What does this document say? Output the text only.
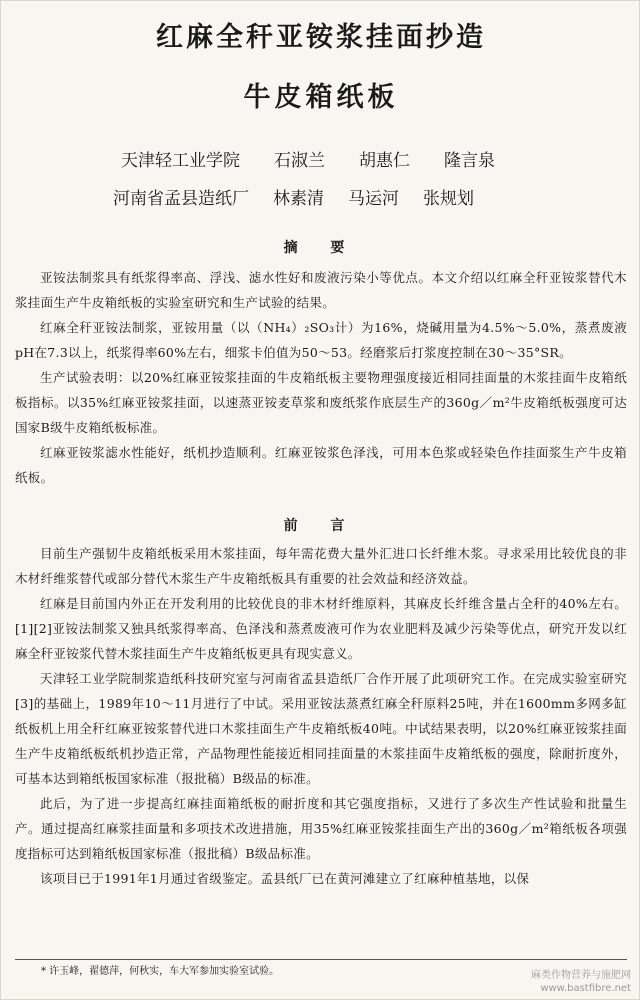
红麻全秆亚铵浆挂面抄造
牛皮箱纸板
天津轻工业学院 石淑兰 胡惠仁 隆言泉
河南省孟县造纸厂 林素清 马运河 张规划
摘 要

亚铵法制浆具有纸浆得率高、浮浅、滤水性好和废液污染小等优点。本文介绍以红麻全秆亚铵浆替代木浆挂面生产牛皮箱纸板的实验室研究和生产试验的结果。

红麻全秆亚铵法制浆，亚铵用量（以（NH₄）₂SO₃计）为16%，烧碱用量为4.5%～5.0%，蒸煮废液pH在7.3以上，纸浆得率60%左右，细浆卡伯值为50～53。经磨浆后打浆度控制在30～35°SR。

生产试验表明：以20%红麻亚铵浆挂面的牛皮箱纸板主要物理强度接近相同挂面量的木浆挂面牛皮箱纸板指标。以35%红麻亚铵浆挂面，以速蒸亚铵麦草浆和废纸浆作底层生产的360g／m²牛皮箱纸板强度可达国家B级牛皮箱纸板标准。

红麻亚铵浆滤水性能好，纸机抄造顺利。红麻亚铵浆色泽浅，可用本色浆或轻染色作挂面浆生产牛皮箱纸板。

前 言

目前生产强韧牛皮箱纸板采用木浆挂面，每年需花费大量外汇进口长纤维木浆。寻求采用比较优良的非木材纤维浆替代或部分替代木浆生产牛皮箱纸板具有重要的社会效益和经济效益。

红麻是目前国内外正在开发利用的比较优良的非木材纤维原料，其麻皮长纤维含量占全秆的40%左右。[1][2]亚铵法制浆又独具纸浆得率高、色泽浅和蒸煮废液可作为农业肥料及减少污染等优点，研究开发以红麻全秆亚铵浆代替木浆挂面生产牛皮箱纸板更具有现实意义。

天津轻工业学院制浆造纸科技研究室与河南省孟县造纸厂合作开展了此项研究工作。在完成实验室研究[3]的基础上，1989年10～11月进行了中试。采用亚铵法蒸煮红麻全秆原料25吨，并在1600mm多网多缸纸板机上用全秆红麻亚铵浆替代进口木浆挂面生产牛皮箱纸板40吨。中试结果表明，以20%红麻亚铵浆挂面生产牛皮箱纸板纸机抄造正常，产品物理性能接近相同挂面量的木浆挂面牛皮箱纸板的强度，除耐折度外，可基本达到箱纸板国家标准（报批稿）B级品的标准。

此后，为了进一步提高红麻挂面箱纸板的耐折度和其它强度指标，又进行了多次生产性试验和批量生产。通过提高红麻浆挂面量和多项技术改进措施，用35%红麻亚铵浆挂面生产出的360g／m²箱纸板各项强度指标可达到箱纸板国家标准（报批稿）B级品标准。

该项目已于1991年1月通过省级鉴定。孟县纸厂已在黄河滩建立了红麻种植基地，以保

* 许玉峰，翟德萍，何秋实，车大军参加实验室试验。	麻类作物营养与施肥网
www.bastfibre.net
